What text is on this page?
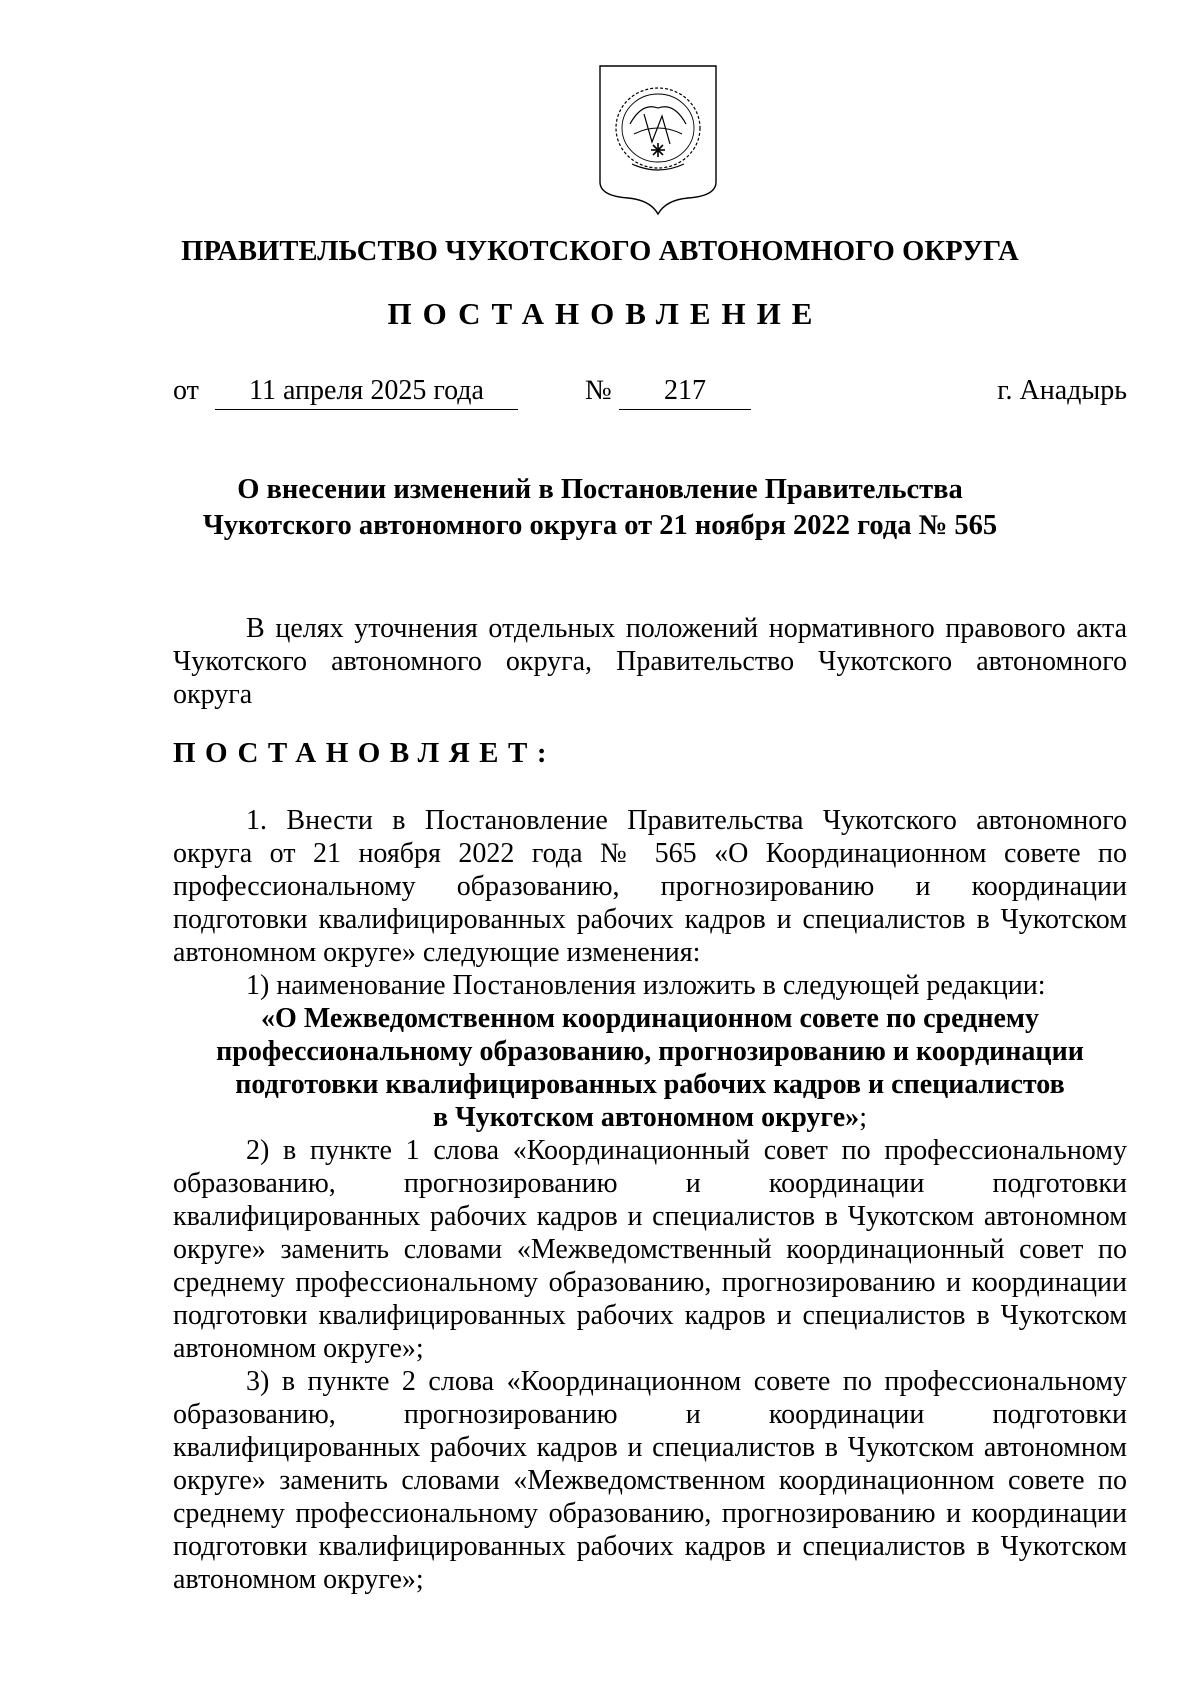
ПРАВИТЕЛЬСТВО ЧУКОТСКОГО АВТОНОМНОГО ОКРУГА
ПОСТАНОВЛЕНИЕ
от	11 апреля 2025 года	№	217	г. Анадырь
О внесении изменений в Постановление Правительства
Чукотского автономного округа от 21 ноября 2022 года № 565

В целях уточнения отдельных положений нормативного правового акта Чукотского автономного округа, Правительство Чукотского автономного округа

ПОСТАНОВЛЯЕТ:

1. Внести в Постановление Правительства Чукотского автономного округа от 21 ноября 2022 года № 565 «О Координационном совете по профессиональному образованию, прогнозированию и координации подготовки квалифицированных рабочих кадров и специалистов в Чукотском автономном округе» следующие изменения:

1) наименование Постановления изложить в следующей редакции:

«О Межведомственном координационном совете по среднему
профессиональному образованию, прогнозированию и координации
подготовки квалифицированных рабочих кадров и специалистов
в Чукотском автономном округе»;

2) в пункте 1 слова «Координационный совет по профессиональному образованию, прогнозированию и координации подготовки квалифицированных рабочих кадров и специалистов в Чукотском автономном округе» заменить словами «Межведомственный координационный совет по среднему профессиональному образованию, прогнозированию и координации подготовки квалифицированных рабочих кадров и специалистов в Чукотском автономном округе»;

3) в пункте 2 слова «Координационном совете по профессиональному образованию, прогнозированию и координации подготовки квалифицированных рабочих кадров и специалистов в Чукотском автономном округе» заменить словами «Межведомственном координационном совете по среднему профессиональному образованию, прогнозированию и координации подготовки квалифицированных рабочих кадров и специалистов в Чукотском автономном округе»;
